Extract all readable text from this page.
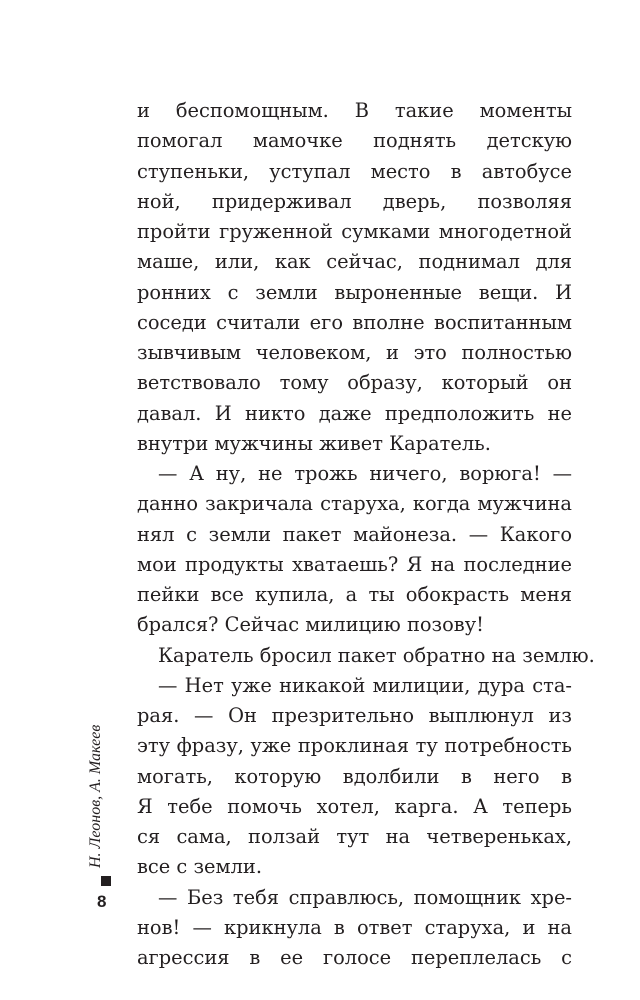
и беспомощным. В такие моменты
помогал мамочке поднять детскую
ступеньки, уступал место в автобусе
ной, придерживал дверь, позволяя
пройти груженной сумками многодетной
маше, или, как сейчас, поднимал для
ронних с земли выроненные вещи. И
соседи считали его вполне воспитанным
зывчивым человеком, и это полностью
ветствовало тому образу, который он
давал. И никто даже предположить не
внутри мужчины живет Каратель.
— А ну, не трожь ничего, ворюга! —
данно закричала старуха, когда мужчина
нял с земли пакет майонеза. — Какого
мои продукты хватаешь? Я на последние
пейки все купила, а ты обокрасть меня
брался? Сейчас милицию позову!
Каратель бросил пакет обратно на землю.
— Нет уже никакой милиции, дура ста-
рая. — Он презрительно выплюнул из
эту фразу, уже проклиная ту потребность
могать, которую вдолбили в него в
Я тебе помочь хотел, карга. А теперь
ся сама, ползай тут на четвереньках,
все с земли.
— Без тебя справлюсь, помощник хре-
нов! — крикнула в ответ старуха, и на
агрессия в ее голосе переплелась с
Н. Леонов, А. Макеев
8
